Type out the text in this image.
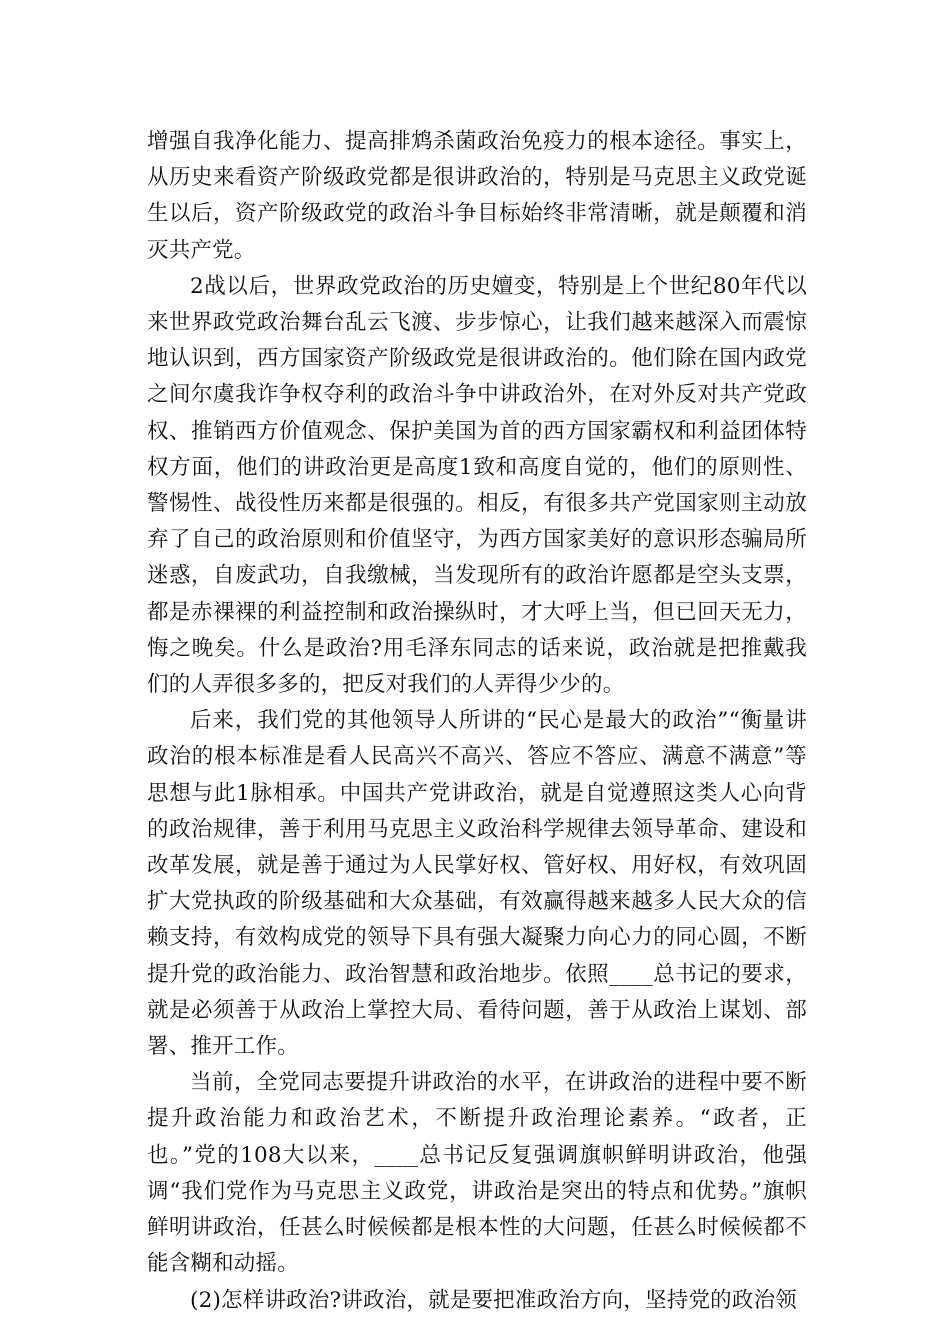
增强自我净化能力、提高排鸩杀菌政治免疫力的根本途径。事实上，从历史来看资产阶级政党都是很讲政治的，特别是马克思主义政党诞生以后，资产阶级政党的政治斗争目标始终非常清晰，就是颠覆和消灭共产党。

2战以后，世界政党政治的历史嬗变，特别是上个世纪80年代以来世界政党政治舞台乱云飞渡、步步惊心，让我们越来越深入而震惊地认识到，西方国家资产阶级政党是很讲政治的。他们除在国内政党之间尔虞我诈争权夺利的政治斗争中讲政治外，在对外反对共产党政权、推销西方价值观念、保护美国为首的西方国家霸权和利益团体特权方面，他们的讲政治更是高度1致和高度自觉的，他们的原则性、警惕性、战役性历来都是很强的。相反，有很多共产党国家则主动放弃了自己的政治原则和价值坚守，为西方国家美好的意识形态骗局所迷惑，自废武功，自我缴械，当发现所有的政治许愿都是空头支票，都是赤裸裸的利益控制和政治操纵时，才大呼上当，但已回天无力，悔之晚矣。什么是政治?用毛泽东同志的话来说，政治就是把推戴我们的人弄很多多的，把反对我们的人弄得少少的。

后来，我们党的其他领导人所讲的“民心是最大的政治”“衡量讲政治的根本标准是看人民高兴不高兴、答应不答应、满意不满意”等思想与此1脉相承。中国共产党讲政治，就是自觉遵照这类人心向背的政治规律，善于利用马克思主义政治科学规律去领导革命、建设和改革发展，就是善于通过为人民掌好权、管好权、用好权，有效巩固扩大党执政的阶级基础和大众基础，有效赢得越来越多人民大众的信赖支持，有效构成党的领导下具有强大凝聚力向心力的同心圆，不断提升党的政治能力、政治智慧和政治地步。依照____总书记的要求，就是必须善于从政治上掌控大局、看待问题，善于从政治上谋划、部署、推开工作。

当前，全党同志要提升讲政治的水平，在讲政治的进程中要不断提升政治能力和政治艺术，不断提升政治理论素养。“政者，正也。”党的108大以来，____总书记反复强调旗帜鲜明讲政治，他强调“我们党作为马克思主义政党，讲政治是突出的特点和优势。”旗帜鲜明讲政治，任甚么时候候都是根本性的大问题，任甚么时候候都不能含糊和动摇。

(2)怎样讲政治?讲政治，就是要把准政治方向，坚持党的政治领
